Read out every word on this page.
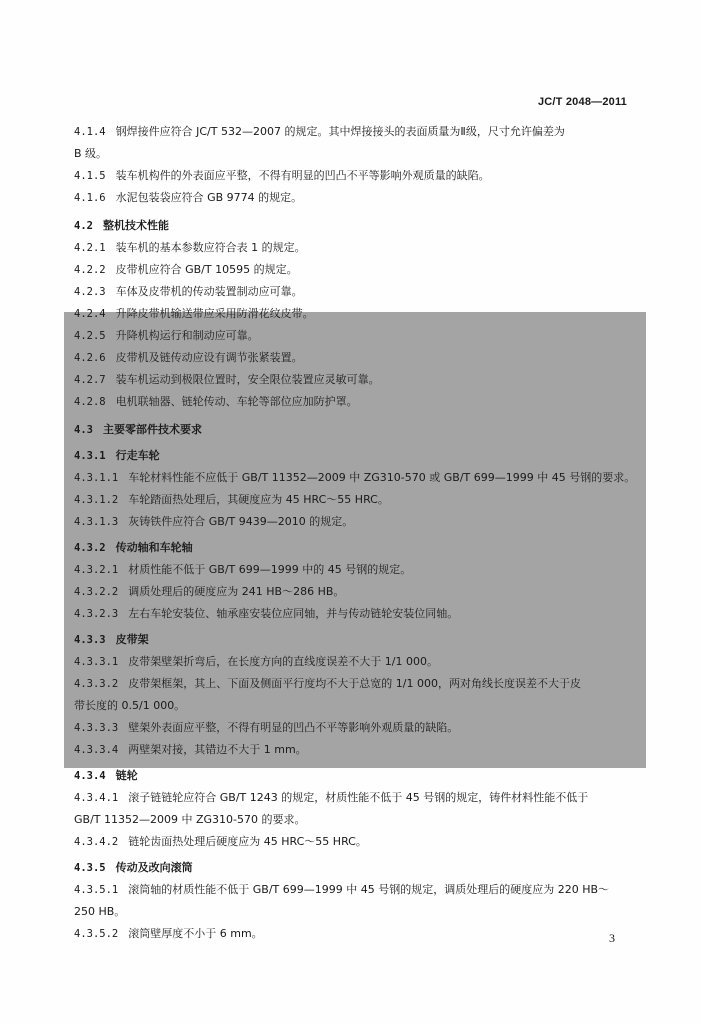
JC/T 2048—2011
4.1.4 钢焊接件应符合 JC/T 532—2007 的规定。其中焊接接头的表面质量为Ⅱ级，尺寸允许偏差为
B 级。
4.1.5 装车机构件的外表面应平整，不得有明显的凹凸不平等影响外观质量的缺陷。
4.1.6 水泥包装袋应符合 GB 9774 的规定。
4.2 整机技术性能
4.2.1 装车机的基本参数应符合表 1 的规定。
4.2.2 皮带机应符合 GB/T 10595 的规定。
4.2.3 车体及皮带机的传动装置制动应可靠。
4.2.4 升降皮带机输送带应采用防滑花纹皮带。
4.2.5 升降机构运行和制动应可靠。
4.2.6 皮带机及链传动应设有调节张紧装置。
4.2.7 装车机运动到极限位置时，安全限位装置应灵敏可靠。
4.2.8 电机联轴器、链轮传动、车轮等部位应加防护罩。
4.3 主要零部件技术要求
4.3.1 行走车轮
4.3.1.1 车轮材料性能不应低于 GB/T 11352—2009 中 ZG310-570 或 GB/T 699—1999 中 45 号钢的要求。
4.3.1.2 车轮踏面热处理后，其硬度应为 45 HRC～55 HRC。
4.3.1.3 灰铸铁件应符合 GB/T 9439—2010 的规定。
4.3.2 传动轴和车轮轴
4.3.2.1 材质性能不低于 GB/T 699—1999 中的 45 号钢的规定。
4.3.2.2 调质处理后的硬度应为 241 HB～286 HB。
4.3.2.3 左右车轮安装位、轴承座安装位应同轴，并与传动链轮安装位同轴。
4.3.3 皮带架
4.3.3.1 皮带架壁架折弯后，在长度方向的直线度误差不大于 1/1 000。
4.3.3.2 皮带架框架，其上、下面及侧面平行度均不大于总宽的 1/1 000，两对角线长度误差不大于皮
带长度的 0.5/1 000。
4.3.3.3 壁架外表面应平整，不得有明显的凹凸不平等影响外观质量的缺陷。
4.3.3.4 两壁架对接，其错边不大于 1 mm。
4.3.4 链轮
4.3.4.1 滚子链链轮应符合 GB/T 1243 的规定，材质性能不低于 45 号钢的规定，铸件材料性能不低于
GB/T 11352—2009 中 ZG310-570 的要求。
4.3.4.2 链轮齿面热处理后硬度应为 45 HRC～55 HRC。
4.3.5 传动及改向滚筒
4.3.5.1 滚筒轴的材质性能不低于 GB/T 699—1999 中 45 号钢的规定，调质处理后的硬度应为 220 HB～
250 HB。
4.3.5.2 滚筒壁厚度不小于 6 mm。	3
